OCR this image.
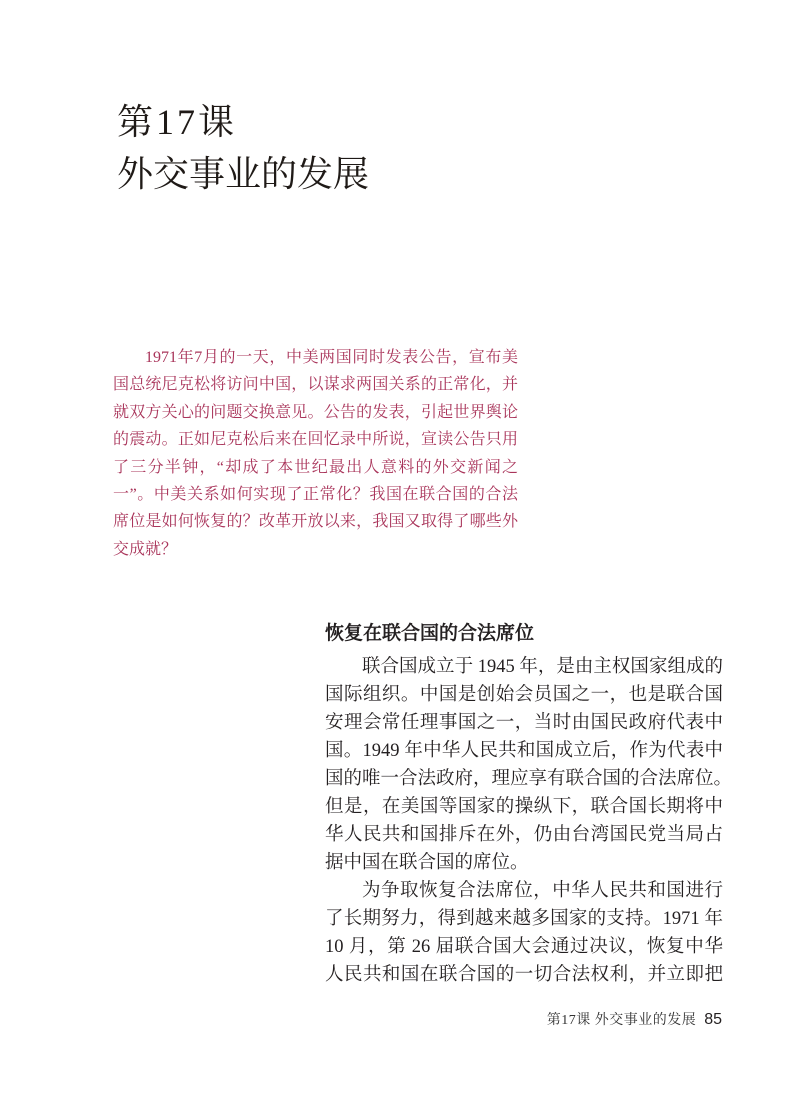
第17课
外交事业的发展
1971年7月的一天，中美两国同时发表公告，宣布美
国总统尼克松将访问中国，以谋求两国关系的正常化，并
就双方关心的问题交换意见。公告的发表，引起世界舆论
的震动。正如尼克松后来在回忆录中所说，宣读公告只用
了三分半钟，“却成了本世纪最出人意料的外交新闻之
一”。中美关系如何实现了正常化？我国在联合国的合法
席位是如何恢复的？改革开放以来，我国又取得了哪些外
交成就？
恢复在联合国的合法席位
联合国成立于 1945 年，是由主权国家组成的
国际组织。中国是创始会员国之一，也是联合国
安理会常任理事国之一，当时由国民政府代表中
国。1949 年中华人民共和国成立后，作为代表中
国的唯一合法政府，理应享有联合国的合法席位。
但是，在美国等国家的操纵下，联合国长期将中
华人民共和国排斥在外，仍由台湾国民党当局占
据中国在联合国的席位。
为争取恢复合法席位，中华人民共和国进行
了长期努力，得到越来越多国家的支持。1971 年
10 月，第 26 届联合国大会通过决议，恢复中华
人民共和国在联合国的一切合法权利，并立即把
第17课 外交事业的发展 85
